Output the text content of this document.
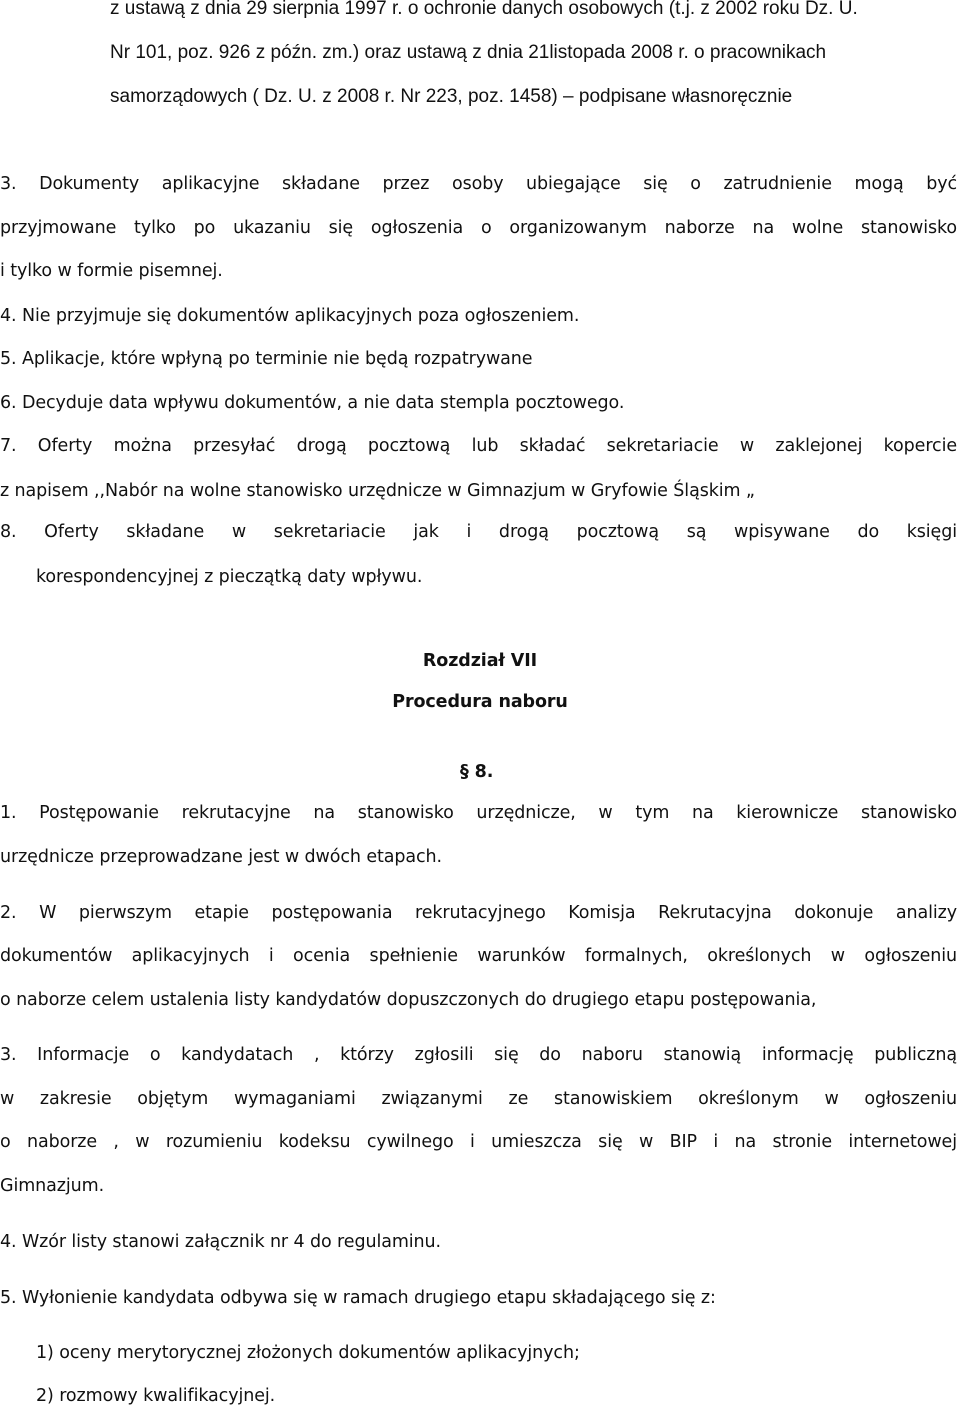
z ustawą z dnia 29 sierpnia 1997 r. o ochronie danych osobowych (t.j. z 2002 roku Dz. U.
Nr 101, poz. 926 z późn. zm.) oraz ustawą z dnia 21listopada 2008 r. o pracownikach
samorządowych ( Dz. U. z 2008 r. Nr 223, poz. 1458) – podpisane własnoręcznie
3. Dokumenty aplikacyjne składane przez osoby ubiegające się o zatrudnienie mogą być
przyjmowane tylko po ukazaniu się ogłoszenia o organizowanym naborze na wolne stanowisko
i tylko w formie pisemnej.
4. Nie przyjmuje się dokumentów aplikacyjnych poza ogłoszeniem.
5. Aplikacje, które wpłyną po terminie nie będą rozpatrywane
6. Decyduje data wpływu dokumentów, a nie data stempla pocztowego.
7. Oferty można przesyłać drogą pocztową lub składać sekretariacie w zaklejonej kopercie
z napisem ,,Nabór na wolne stanowisko urzędnicze w Gimnazjum w Gryfowie Śląskim „
8. Oferty składane w sekretariacie jak i drogą pocztową są wpisywane do księgi
korespondencyjnej z pieczątką daty wpływu.
Rozdział VII
Procedura naboru
§ 8.
1. Postępowanie rekrutacyjne na stanowisko urzędnicze, w tym na kierownicze stanowisko
urzędnicze przeprowadzane jest w dwóch etapach.
2. W pierwszym etapie postępowania rekrutacyjnego Komisja Rekrutacyjna dokonuje analizy
dokumentów aplikacyjnych i ocenia spełnienie warunków formalnych, określonych w ogłoszeniu
o naborze celem ustalenia listy kandydatów dopuszczonych do drugiego etapu postępowania,
3. Informacje o kandydatach , którzy zgłosili się do naboru stanowią informację publiczną
w zakresie objętym wymaganiami związanymi ze stanowiskiem określonym w ogłoszeniu
o naborze , w rozumieniu kodeksu cywilnego i umieszcza się w BIP i na stronie internetowej
Gimnazjum.
4. Wzór listy stanowi załącznik nr 4 do regulaminu.
5. Wyłonienie kandydata odbywa się w ramach drugiego etapu składającego się z:
1) oceny merytorycznej złożonych dokumentów aplikacyjnych;
2) rozmowy kwalifikacyjnej.
